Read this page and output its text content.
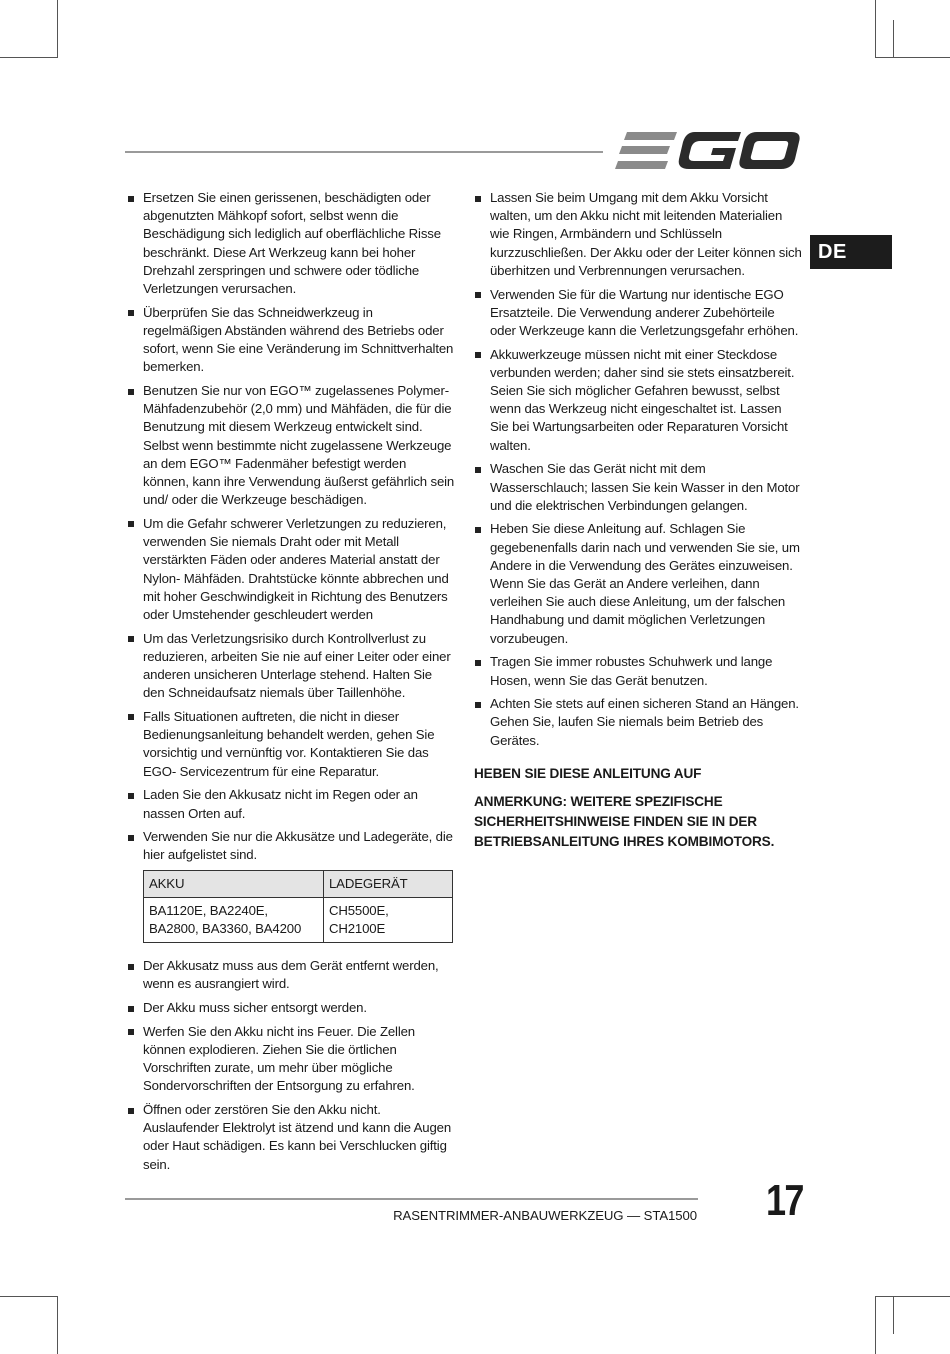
DE
Ersetzen Sie einen gerissenen, beschädigten oder abgenutzten Mähkopf sofort, selbst wenn die Beschädigung sich lediglich auf oberflächliche Risse beschränkt. Diese Art Werkzeug kann bei hoher Drehzahl zerspringen und schwere oder tödliche Verletzungen verursachen.
Überprüfen Sie das Schneidwerkzeug in regelmäßigen Abständen während des Betriebs oder sofort, wenn Sie eine Veränderung im Schnittverhalten bemerken.
Benutzen Sie nur von EGO™ zugelassenes Polymer-Mähfadenzubehör (2,0 mm) und Mähfäden, die für die Benutzung mit diesem Werkzeug entwickelt sind. Selbst wenn bestimmte nicht zugelassene Werkzeuge an dem EGO™ Fadenmäher befestigt werden können, kann ihre Verwendung äußerst gefährlich sein und/ oder die Werkzeuge beschädigen.
Um die Gefahr schwerer Verletzungen zu reduzieren, verwenden Sie niemals Draht oder mit Metall verstärkten Fäden oder anderes Material anstatt der Nylon- Mähfäden. Drahtstücke könnte abbrechen und mit hoher Geschwindigkeit in Richtung des Benutzers oder Umstehender geschleudert werden
Um das Verletzungsrisiko durch Kontrollverlust zu reduzieren, arbeiten Sie nie auf einer Leiter oder einer anderen unsicheren Unterlage stehend. Halten Sie den Schneidaufsatz niemals über Taillenhöhe.
Falls Situationen auftreten, die nicht in dieser Bedienungsanleitung behandelt werden, gehen Sie vorsichtig und vernünftig vor. Kontaktieren Sie das EGO- Servicezentrum für eine Reparatur.
Laden Sie den Akkusatz nicht im Regen oder an nassen Orten auf.
Verwenden Sie nur die Akkusätze und Ladegeräte, die hier aufgelistet sind.
AKKU	LADEGERÄT
BA1120E, BA2240E, BA2800, BA3360, BA4200	CH5500E, CH2100E
Der Akkusatz muss aus dem Gerät entfernt werden, wenn es ausrangiert wird.
Der Akku muss sicher entsorgt werden.
Werfen Sie den Akku nicht ins Feuer. Die Zellen können explodieren. Ziehen Sie die örtlichen Vorschriften zurate, um mehr über mögliche Sondervorschriften der Entsorgung zu erfahren.
Öffnen oder zerstören Sie den Akku nicht. Auslaufender Elektrolyt ist ätzend und kann die Augen oder Haut schädigen. Es kann bei Verschlucken giftig sein.
Lassen Sie beim Umgang mit dem Akku Vorsicht walten, um den Akku nicht mit leitenden Materialien wie Ringen, Armbändern und Schlüsseln kurzzuschließen. Der Akku oder der Leiter können sich überhitzen und Verbrennungen verursachen.
Verwenden Sie für die Wartung nur identische EGO Ersatzteile. Die Verwendung anderer Zubehörteile oder Werkzeuge kann die Verletzungsgefahr erhöhen.
Akkuwerkzeuge müssen nicht mit einer Steckdose verbunden werden; daher sind sie stets einsatzbereit. Seien Sie sich möglicher Gefahren bewusst, selbst wenn das Werkzeug nicht eingeschaltet ist. Lassen Sie bei Wartungsarbeiten oder Reparaturen Vorsicht walten.
Waschen Sie das Gerät nicht mit dem Wasserschlauch; lassen Sie kein Wasser in den Motor und die elektrischen Verbindungen gelangen.
Heben Sie diese Anleitung auf. Schlagen Sie gegebenenfalls darin nach und verwenden Sie sie, um Andere in die Verwendung des Gerätes einzuweisen. Wenn Sie das Gerät an Andere verleihen, dann verleihen Sie auch diese Anleitung, um der falschen Handhabung und damit möglichen Verletzungen vorzubeugen.
Tragen Sie immer robustes Schuhwerk und lange Hosen, wenn Sie das Gerät benutzen.
Achten Sie stets auf einen sicheren Stand an Hängen. Gehen Sie, laufen Sie niemals beim Betrieb des Gerätes.
HEBEN SIE DIESE ANLEITUNG AUF
ANMERKUNG: WEITERE SPEZIFISCHE SICHERHEITSHINWEISE FINDEN SIE IN DER BETRIEBSANLEITUNG IHRES KOMBIMOTORS.
RASENTRIMMER-ANBAUWERKZEUG — STA1500 17
